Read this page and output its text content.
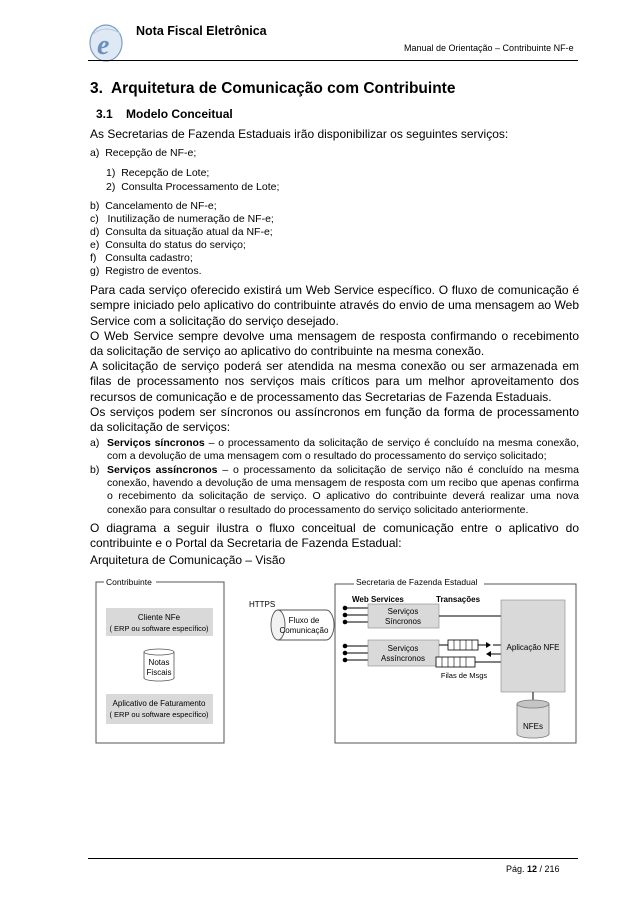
e Nota Fiscal Eletrônica
Manual de Orientação – Contribuinte NF-e
3. Arquitetura de Comunicação com Contribuinte
3.1 Modelo Conceitual
As Secretarias de Fazenda Estaduais irão disponibilizar os seguintes serviços:
a) Recepção de NF-e;
1) Recepção de Lote;
2) Consulta Processamento de Lote;
b) Cancelamento de NF-e;
c) Inutilização de numeração de NF-e;
d) Consulta da situação atual da NF-e;
e) Consulta do status do serviço;
f) Consulta cadastro;
g) Registro de eventos.
Para cada serviço oferecido existirá um Web Service específico. O fluxo de comunicação é sempre iniciado pelo aplicativo do contribuinte através do envio de uma mensagem ao Web Service com a solicitação do serviço desejado.
O Web Service sempre devolve uma mensagem de resposta confirmando o recebimento da solicitação de serviço ao aplicativo do contribuinte na mesma conexão.
A solicitação de serviço poderá ser atendida na mesma conexão ou ser armazenada em filas de processamento nos serviços mais críticos para um melhor aproveitamento dos recursos de comunicação e de processamento das Secretarias de Fazenda Estaduais.
Os serviços podem ser síncronos ou assíncronos em função da forma de processamento da solicitação de serviços:
a) Serviços síncronos – o processamento da solicitação de serviço é concluído na mesma conexão, com a devolução de uma mensagem com o resultado do processamento do serviço solicitado;
b) Serviços assíncronos – o processamento da solicitação de serviço não é concluído na mesma conexão, havendo a devolução de uma mensagem de resposta com um recibo que apenas confirma o recebimento da solicitação de serviço. O aplicativo do contribuinte deverá realizar uma nova conexão para consultar o resultado do processamento do serviço solicitado anteriormente.
O diagrama a seguir ilustra o fluxo conceitual de comunicação entre o aplicativo do contribuinte e o Portal da Secretaria de Fazenda Estadual:
Arquitetura de Comunicação – Visão
Contribuinte
Cliente NFe
( ERP ou software específico)
Notas
Fiscais
Aplicativo de Faturamento
( ERP ou software específico)
HTTPS
Fluxo de
Comunicação
Secretaria de Fazenda Estadual
Web Services	Transações
Serviços
Síncronos
Serviços
Assíncronos
Filas de Msgs
Aplicação NFE
NFEs
Pág. 12 / 216
